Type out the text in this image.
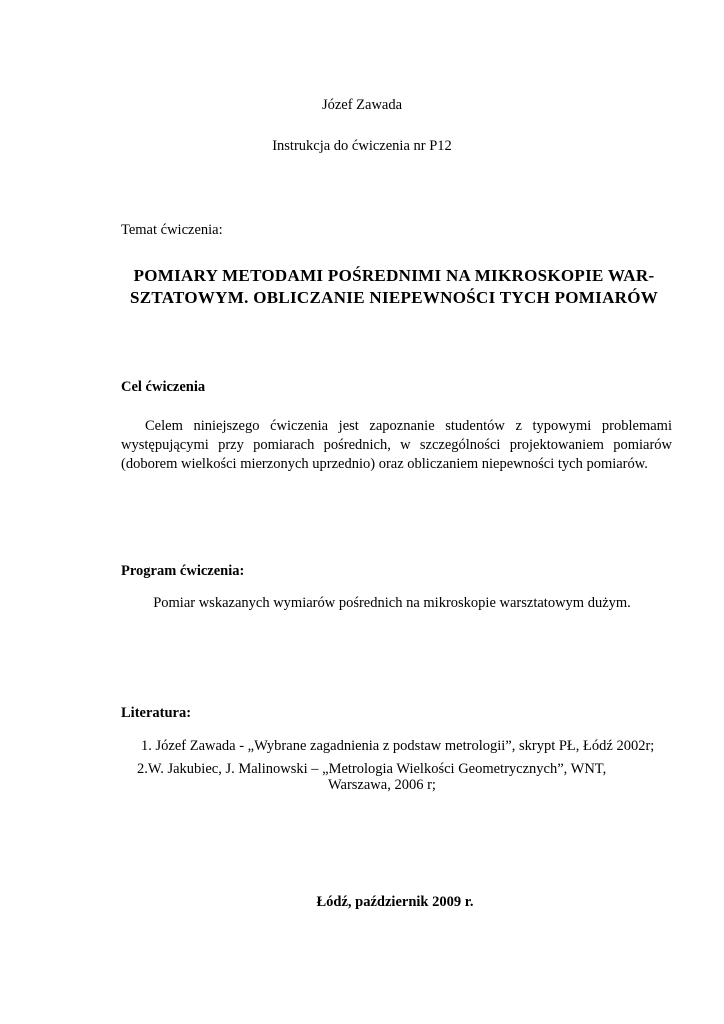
Józef Zawada
Instrukcja do ćwiczenia nr P12
Temat ćwiczenia:
POMIARY METODAMI POŚREDNIMI NA MIKROSKOPIE WAR-
SZTATOWYM. OBLICZANIE NIEPEWNOŚCI TYCH POMIARÓW
Cel ćwiczenia
Celem niniejszego ćwiczenia jest zapoznanie studentów z typowymi problemami występującymi przy pomiarach pośrednich, w szczególności projektowaniem pomiarów (doborem wielkości mierzonych uprzednio) oraz obliczaniem niepewności tych pomiarów.
Program ćwiczenia:
Pomiar wskazanych wymiarów pośrednich na mikroskopie warsztatowym dużym.
Literatura:
1. Józef Zawada - „Wybrane zagadnienia z podstaw metrologii”, skrypt PŁ, Łódź 2002r;
2.W. Jakubiec, J. Malinowski – „Metrologia Wielkości Geometrycznych”, WNT,
Warszawa, 2006 r;
Łódź, październik 2009 r.
